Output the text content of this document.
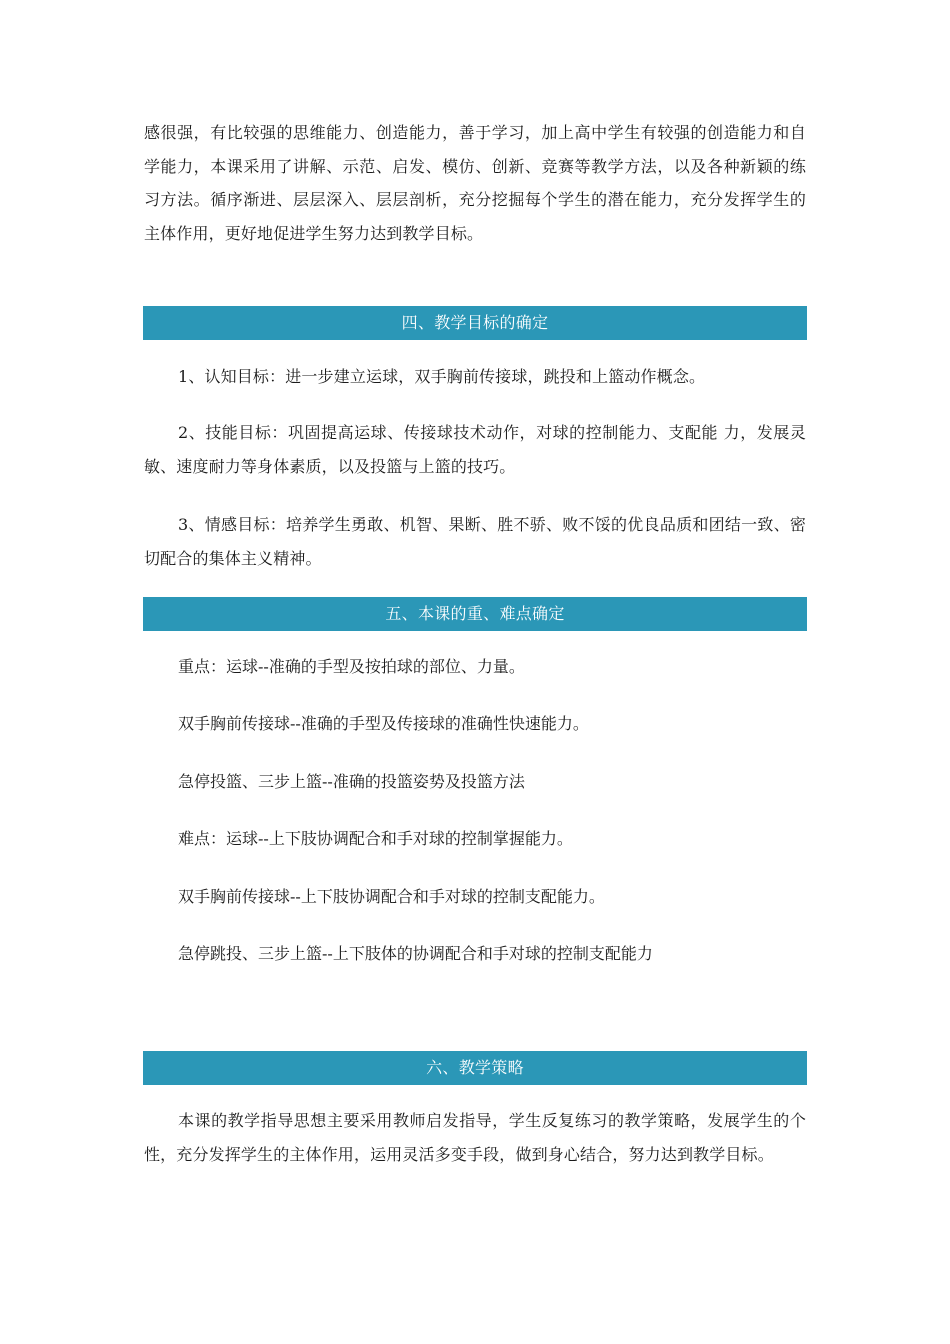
感很强，有比较强的思维能力、创造能力，善于学习，加上高中学生有较强的创造能力和自学能力，本课采用了讲解、示范、启发、模仿、创新、竞赛等教学方法，以及各种新颖的练习方法。循序渐进、层层深入、层层剖析，充分挖掘每个学生的潜在能力，充分发挥学生的主体作用，更好地促进学生努力达到教学目标。
四、教学目标的确定
1、认知目标：进一步建立运球，双手胸前传接球，跳投和上篮动作概念。
2、技能目标：巩固提高运球、传接球技术动作，对球的控制能力、支配能 力，发展灵敏、速度耐力等身体素质，以及投篮与上篮的技巧。
3、情感目标：培养学生勇敢、机智、果断、胜不骄、败不馁的优良品质和团结一致、密切配合的集体主义精神。
五、本课的重、难点确定
重点：运球--准确的手型及按拍球的部位、力量。
双手胸前传接球--准确的手型及传接球的准确性快速能力。
急停投篮、三步上篮--准确的投篮姿势及投篮方法
难点：运球--上下肢协调配合和手对球的控制掌握能力。
双手胸前传接球--上下肢协调配合和手对球的控制支配能力。
急停跳投、三步上篮--上下肢体的协调配合和手对球的控制支配能力
六、教学策略
本课的教学指导思想主要采用教师启发指导，学生反复练习的教学策略，发展学生的个性，充分发挥学生的主体作用，运用灵活多变手段，做到身心结合，努力达到教学目标。
